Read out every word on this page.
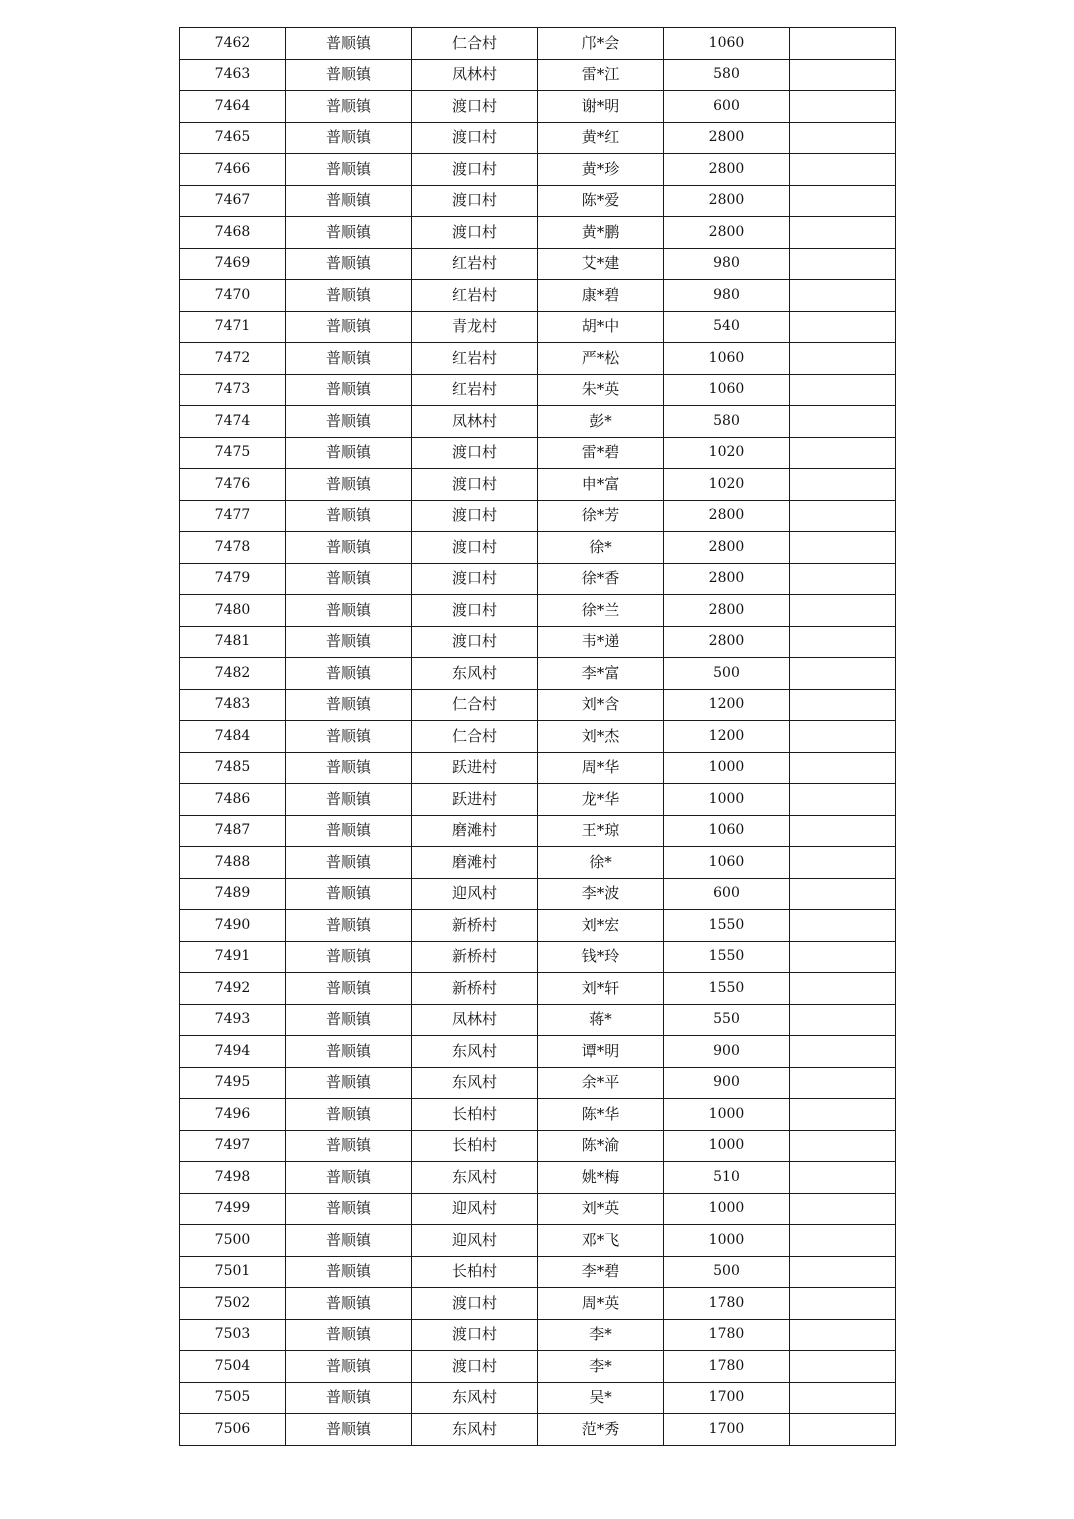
7462	普顺镇	仁合村	邝*会	1060	
7463	普顺镇	凤林村	雷*江	580	
7464	普顺镇	渡口村	谢*明	600	
7465	普顺镇	渡口村	黄*红	2800	
7466	普顺镇	渡口村	黄*珍	2800	
7467	普顺镇	渡口村	陈*爱	2800	
7468	普顺镇	渡口村	黄*鹏	2800	
7469	普顺镇	红岩村	艾*建	980	
7470	普顺镇	红岩村	康*碧	980	
7471	普顺镇	青龙村	胡*中	540	
7472	普顺镇	红岩村	严*松	1060	
7473	普顺镇	红岩村	朱*英	1060	
7474	普顺镇	凤林村	彭*	580	
7475	普顺镇	渡口村	雷*碧	1020	
7476	普顺镇	渡口村	申*富	1020	
7477	普顺镇	渡口村	徐*芳	2800	
7478	普顺镇	渡口村	徐*	2800	
7479	普顺镇	渡口村	徐*香	2800	
7480	普顺镇	渡口村	徐*兰	2800	
7481	普顺镇	渡口村	韦*递	2800	
7482	普顺镇	东风村	李*富	500	
7483	普顺镇	仁合村	刘*含	1200	
7484	普顺镇	仁合村	刘*杰	1200	
7485	普顺镇	跃进村	周*华	1000	
7486	普顺镇	跃进村	龙*华	1000	
7487	普顺镇	磨滩村	王*琼	1060	
7488	普顺镇	磨滩村	徐*	1060	
7489	普顺镇	迎风村	李*波	600	
7490	普顺镇	新桥村	刘*宏	1550	
7491	普顺镇	新桥村	钱*玲	1550	
7492	普顺镇	新桥村	刘*轩	1550	
7493	普顺镇	凤林村	蒋*	550	
7494	普顺镇	东风村	谭*明	900	
7495	普顺镇	东风村	余*平	900	
7496	普顺镇	长柏村	陈*华	1000	
7497	普顺镇	长柏村	陈*渝	1000	
7498	普顺镇	东风村	姚*梅	510	
7499	普顺镇	迎风村	刘*英	1000	
7500	普顺镇	迎风村	邓*飞	1000	
7501	普顺镇	长柏村	李*碧	500	
7502	普顺镇	渡口村	周*英	1780	
7503	普顺镇	渡口村	李*	1780	
7504	普顺镇	渡口村	李*	1780	
7505	普顺镇	东风村	吴*	1700	
7506	普顺镇	东风村	范*秀	1700	
